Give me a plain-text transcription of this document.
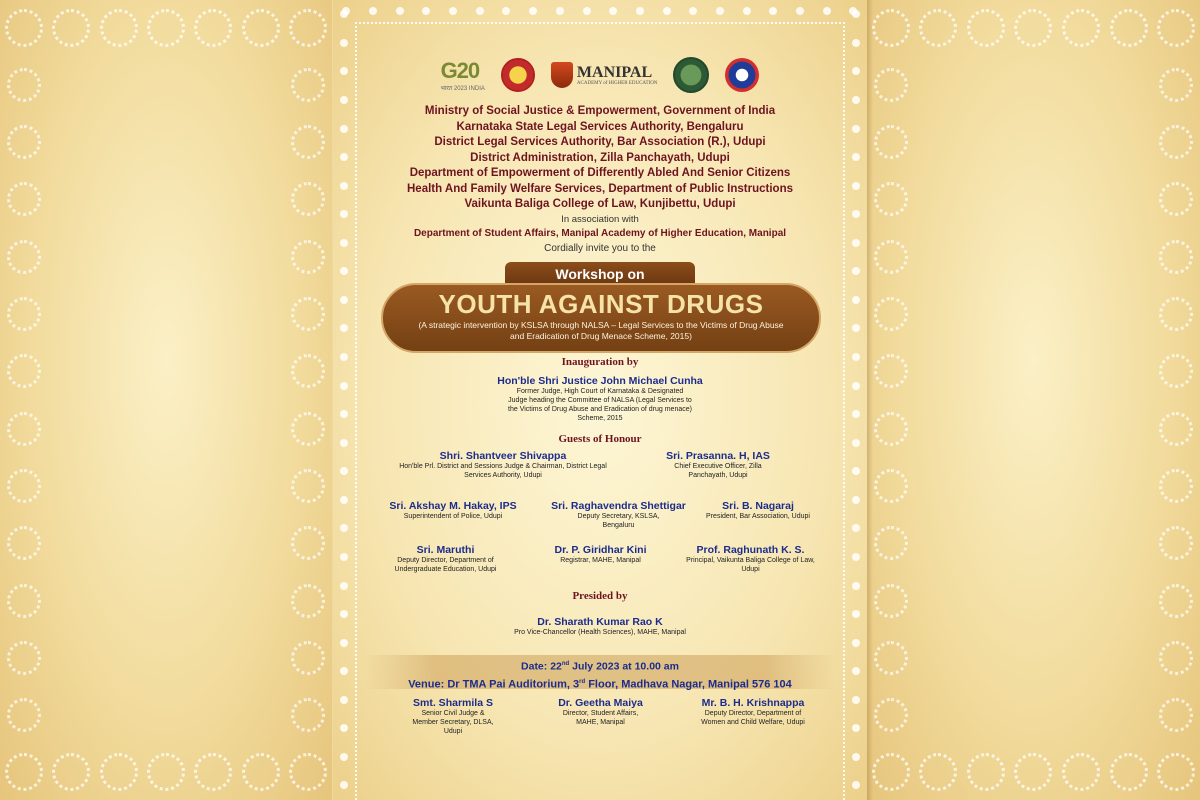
G20
भारत 2023 INDIA
MANIPAL
ACADEMY of HIGHER EDUCATION
Ministry of Social Justice & Empowerment, Government of India
Karnataka State Legal Services Authority, Bengaluru
District Legal Services Authority, Bar Association (R.), Udupi
District Administration, Zilla Panchayath, Udupi
Department of Empowerment of Differently Abled And Senior Citizens
Health And Family Welfare Services, Department of Public Instructions
Vaikunta Baliga College of Law, Kunjibettu, Udupi
In association with
Department of Student Affairs, Manipal Academy of Higher Education, Manipal
Cordially invite you to the
Workshop on
YOUTH AGAINST DRUGS
(A strategic intervention by KSLSA through NALSA – Legal Services to the Victims of Drug Abuse and Eradication of Drug Menace Scheme, 2015)
Inauguration by
Hon'ble Shri Justice John Michael Cunha
Former Judge, High Court of Karnataka & Designated Judge heading the Committee of NALSA (Legal Services to the Victims of Drug Abuse and Eradication of drug menace) Scheme, 2015
Guests of Honour
Shri. Shantveer Shivappa
Hon'ble Prl. District and Sessions Judge & Chairman, District Legal Services Authority, Udupi
Sri. Prasanna. H, IAS
Chief Executive Officer, Zilla Panchayath, Udupi
Sri. Akshay M. Hakay, IPS
Superintendent of Police, Udupi
Sri. Raghavendra Shettigar
Deputy Secretary, KSLSA, Bengaluru
Sri. B. Nagaraj
President, Bar Association, Udupi
Sri. Maruthi
Deputy Director, Department of Undergraduate Education, Udupi
Dr. P. Giridhar Kini
Registrar, MAHE, Manipal
Prof. Raghunath K. S.
Principal, Vaikunta Baliga College of Law, Udupi
Presided by
Dr. Sharath Kumar Rao K
Pro Vice-Chancellor (Health Sciences), MAHE, Manipal
Date: 22nd July 2023 at 10.00 am
Venue: Dr TMA Pai Auditorium, 3rd Floor, Madhava Nagar, Manipal 576 104
Smt. Sharmila S
Senior Civil Judge & Member Secretary, DLSA, Udupi
Dr. Geetha Maiya
Director, Student Affairs, MAHE, Manipal
Mr. B. H. Krishnappa
Deputy Director, Department of Women and Child Welfare, Udupi
